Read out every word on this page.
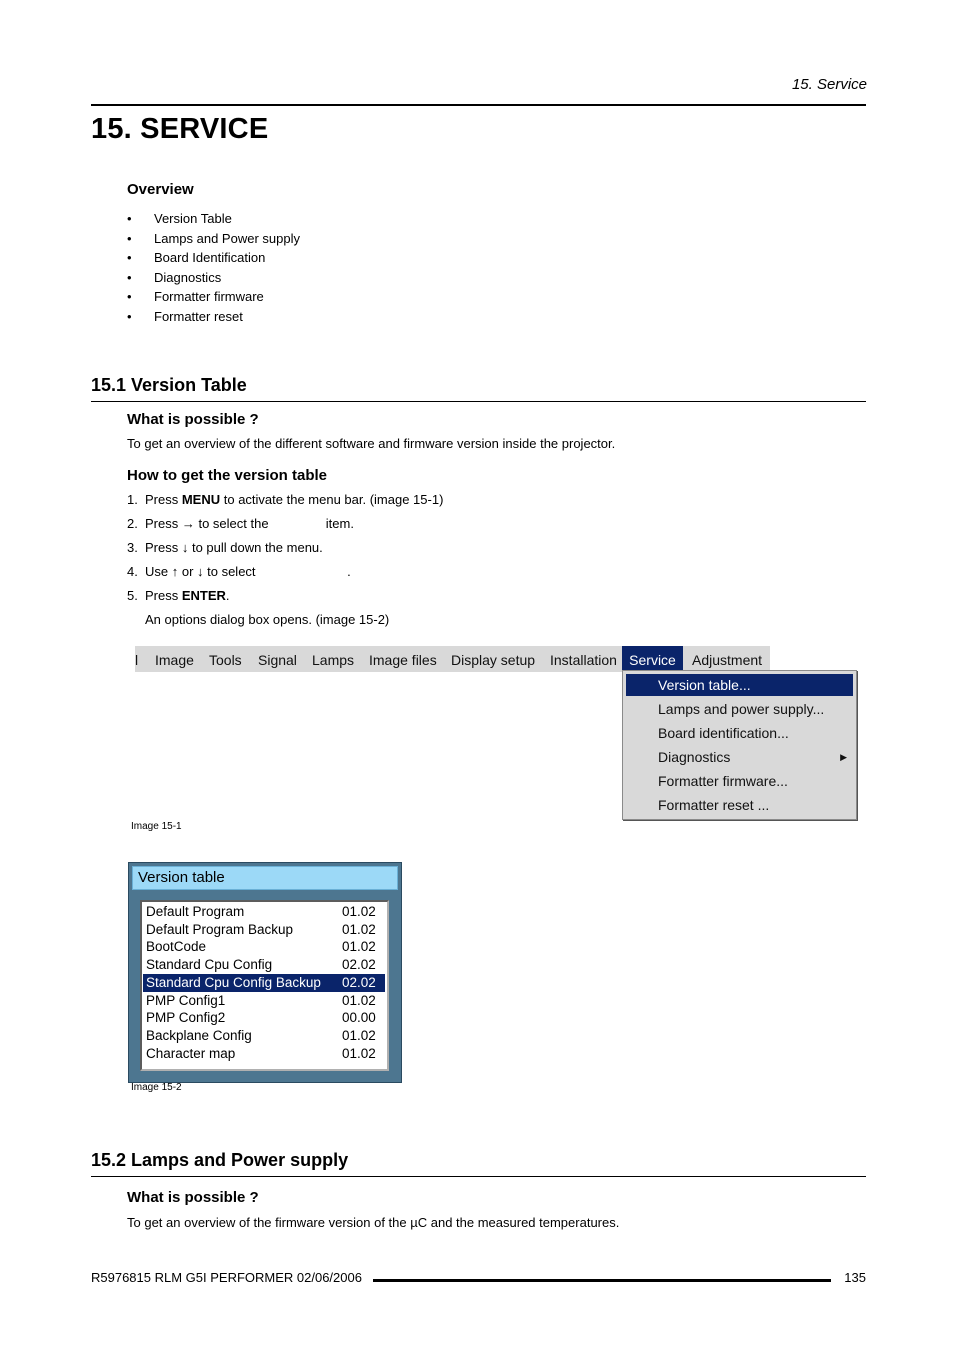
15. Service
15. SERVICE
Overview
• Version Table
• Lamps and Power supply
• Board Identification
• Diagnostics
• Formatter firmware
• Formatter reset
15.1 Version Table
What is possible ?
To get an overview of the different software and firmware version inside the projector.
How to get the version table
1. Press MENU to activate the menu bar. (image 15-1)
2. Press → to select the	item.
3. Press ↓ to pull down the menu.
4. Use ↑ or ↓ to select	.
5. Press ENTER.
An options dialog box opens. (image 15-2)
l Image Tools Signal Lamps Image files Display setup Installation Service	Adjustment
Version table...
Lamps and power supply...
Board identification...
Diagnostics	▶
Formatter firmware...
Formatter reset ...
Image 15-1
Version table
Default Program	01.02
Default Program Backup	01.02
BootCode	01.02
Standard Cpu Config	02.02
Standard Cpu Config Backup 02.02
PMP Config1	01.02
PMP Config2	00.00
Backplane Config	01.02
Character map	01.02
Image 15-2
15.2 Lamps and Power supply
What is possible ?
To get an overview of the firmware version of the µC and the measured temperatures.
R5976815 RLM G5I PERFORMER 02/06/2006	135
